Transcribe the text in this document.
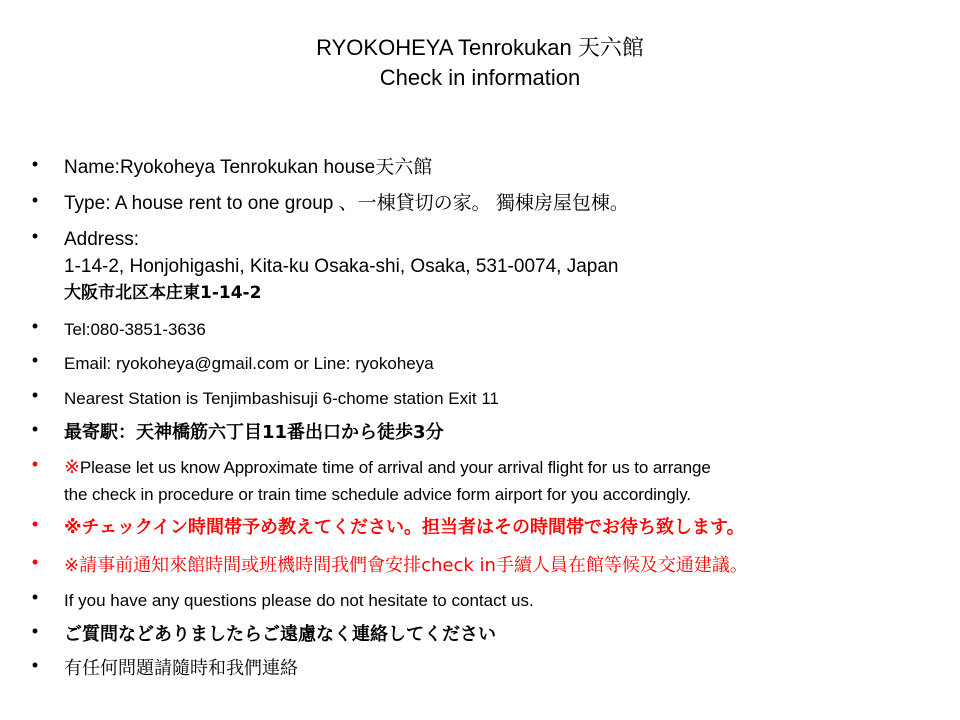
RYOKOHEYA Tenrokukan 天六館
Check in information
• Name:Ryokoheya Tenrokukan house天六館
• Type: A house rent to one group 、一棟貸切の家。 獨棟房屋包棟。
• Address:
1-14-2, Honjohigashi, Kita-ku Osaka-shi, Osaka, 531-0074, Japan
大阪市北区本庄東1-14-2
• Tel:080-3851-3636
• Email: ryokoheya@gmail.com or Line: ryokoheya
• Nearest Station is Tenjimbashisuji 6-chome station Exit 11
• 最寄駅：天神橋筋六丁目11番出口から徒歩3分
• ※Please let us know Approximate time of arrival and your arrival flight for us to arrange
the check in procedure or train time schedule advice form airport for you accordingly.
• ※チェックイン時間帯予め教えてください。担当者はその時間帯でお待ち致します。
• ※請事前通知來館時間或班機時間我們會安排check in手續人員在館等候及交通建議。
• If you have any questions please do not hesitate to contact us.
• ご質問などありましたらご遠慮なく連絡してください
• 有任何問題請隨時和我們連絡
